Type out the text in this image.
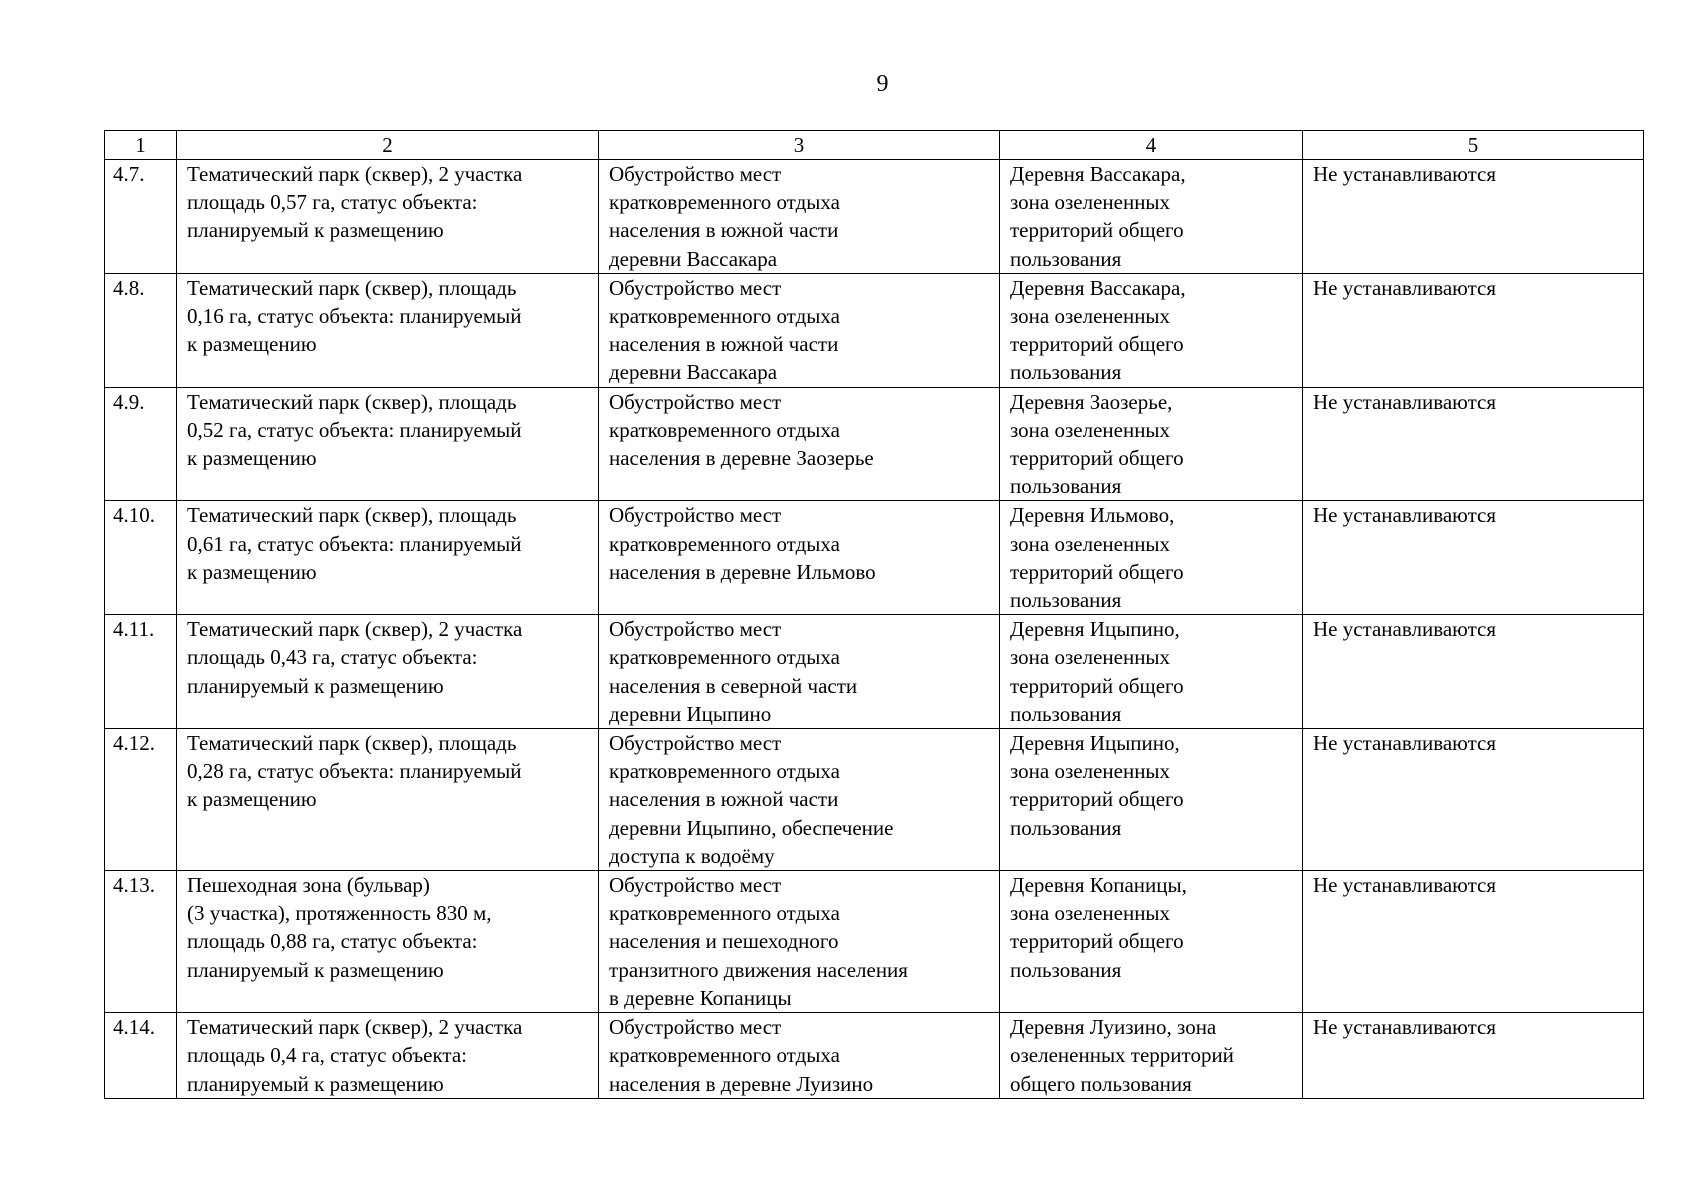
9
1	2	3	4	5
4.7.	Тематический парк (сквер), 2 участка
площадь 0,57 га, статус объекта:
планируемый к размещению	Обустройство мест
кратковременного отдыха
населения в южной части
деревни Вассакара	Деревня Вассакара,
зона озелененных
территорий общего
пользования	Не устанавливаются
4.8.	Тематический парк (сквер), площадь
0,16 га, статус объекта: планируемый
к размещению	Обустройство мест
кратковременного отдыха
населения в южной части
деревни Вассакара	Деревня Вассакара,
зона озелененных
территорий общего
пользования	Не устанавливаются
4.9.	Тематический парк (сквер), площадь
0,52 га, статус объекта: планируемый
к размещению	Обустройство мест
кратковременного отдыха
населения в деревне Заозерье	Деревня Заозерье,
зона озелененных
территорий общего
пользования	Не устанавливаются
4.10.	Тематический парк (сквер), площадь
0,61 га, статус объекта: планируемый
к размещению	Обустройство мест
кратковременного отдыха
населения в деревне Ильмово	Деревня Ильмово,
зона озелененных
территорий общего
пользования	Не устанавливаются
4.11.	Тематический парк (сквер), 2 участка
площадь 0,43 га, статус объекта:
планируемый к размещению	Обустройство мест
кратковременного отдыха
населения в северной части
деревни Ицыпино	Деревня Ицыпино,
зона озелененных
территорий общего
пользования	Не устанавливаются
4.12.	Тематический парк (сквер), площадь
0,28 га, статус объекта: планируемый
к размещению	Обустройство мест
кратковременного отдыха
населения в южной части
деревни Ицыпино, обеспечение
доступа к водоёму	Деревня Ицыпино,
зона озелененных
территорий общего
пользования	Не устанавливаются
4.13.	Пешеходная зона (бульвар)
(3 участка), протяженность 830 м,
площадь 0,88 га, статус объекта:
планируемый к размещению	Обустройство мест
кратковременного отдыха
населения и пешеходного
транзитного движения населения
в деревне Копаницы	Деревня Копаницы,
зона озелененных
территорий общего
пользования	Не устанавливаются
4.14.	Тематический парк (сквер), 2 участка
площадь 0,4 га, статус объекта:
планируемый к размещению	Обустройство мест
кратковременного отдыха
населения в деревне Луизино	Деревня Луизино, зона
озелененных территорий
общего пользования	Не устанавливаются
